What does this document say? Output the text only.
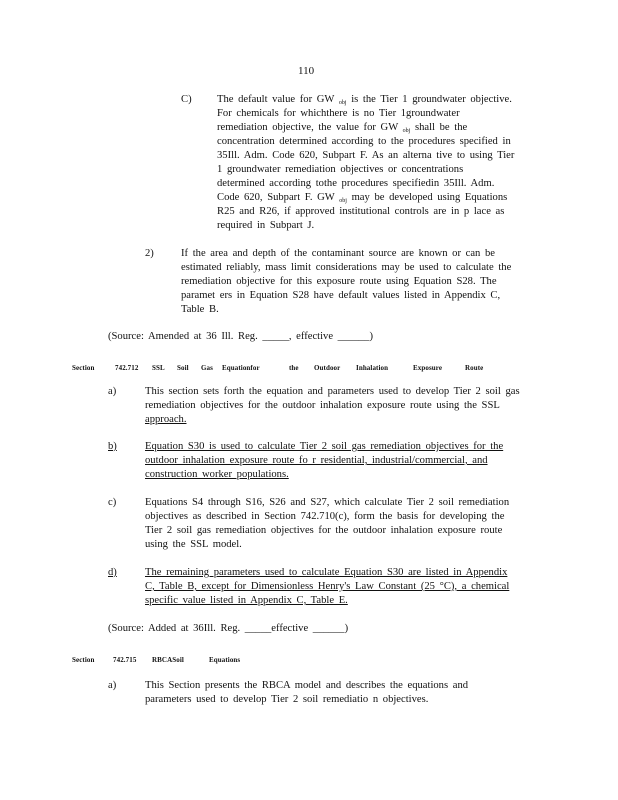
110
C) The default value for GW $_{obj}$ is the Tier 1 groundwater objective.
For chemicals for whichthere is no Tier 1groundwater
remediation objective, the value for GW $_{obj}$ shall be the
concentration determined according to the procedures specified in
35Ill. Adm. Code 620, Subpart F. As an alterna tive to using Tier
1 groundwater remediation objectives or concentrations
determined according tothe procedures specifiedin 35Ill. Adm.
Code 620, Subpart F. GW $_{obj}$ may be developed using Equations
R25 and R26, if approved institutional controls are in p lace as
required in Subpart J.
2)	If the area and depth of the contaminant source are known or can be
estimated reliably, mass limit considerations may be used to calculate the
remediation objective for this exposure route using Equation S28. The
paramet ers in Equation S28 have default values listed in Appendix C,
Table B.
(Source: Amended at 36 Ill. Reg. _____, effective ______)
Section	742.712 SSL Soil Gas Equationfor	the Outdoor Inhalation	Exposure	Route
a)	This section sets forth the equation and parameters used to develop Tier 2 soil gas
remediation objectives for the outdoor inhalation exposure route using the SSL
approach.
b)	Equation S30 is used to calculate Tier 2 soil gas remediation objectives for the
outdoor inhalation exposure route fo r residential, industrial/commercial, and
construction worker populations.
c)	Equations S4 through S16, S26 and S27, which calculate Tier 2 soil remediation
objectives as described in Section 742.710(c), form the basis for developing the
Tier 2 soil gas remediation objectives for the outdoor inhalation exposure route
using the SSL model.
d)	The remaining parameters used to calculate Equation S30 are listed in Appendix
C, Table B, except for Dimensionless Henry's Law Constant (25 °C), a chemical
specific value listed in Appendix C, Table E.
(Source: Added at 36Ill. Reg. _____effective ______)
Section	742.715 RBCASoil	Equations
a)	This Section presents the RBCA model and describes the equations and
parameters used to develop Tier 2 soil remediatio n objectives.
